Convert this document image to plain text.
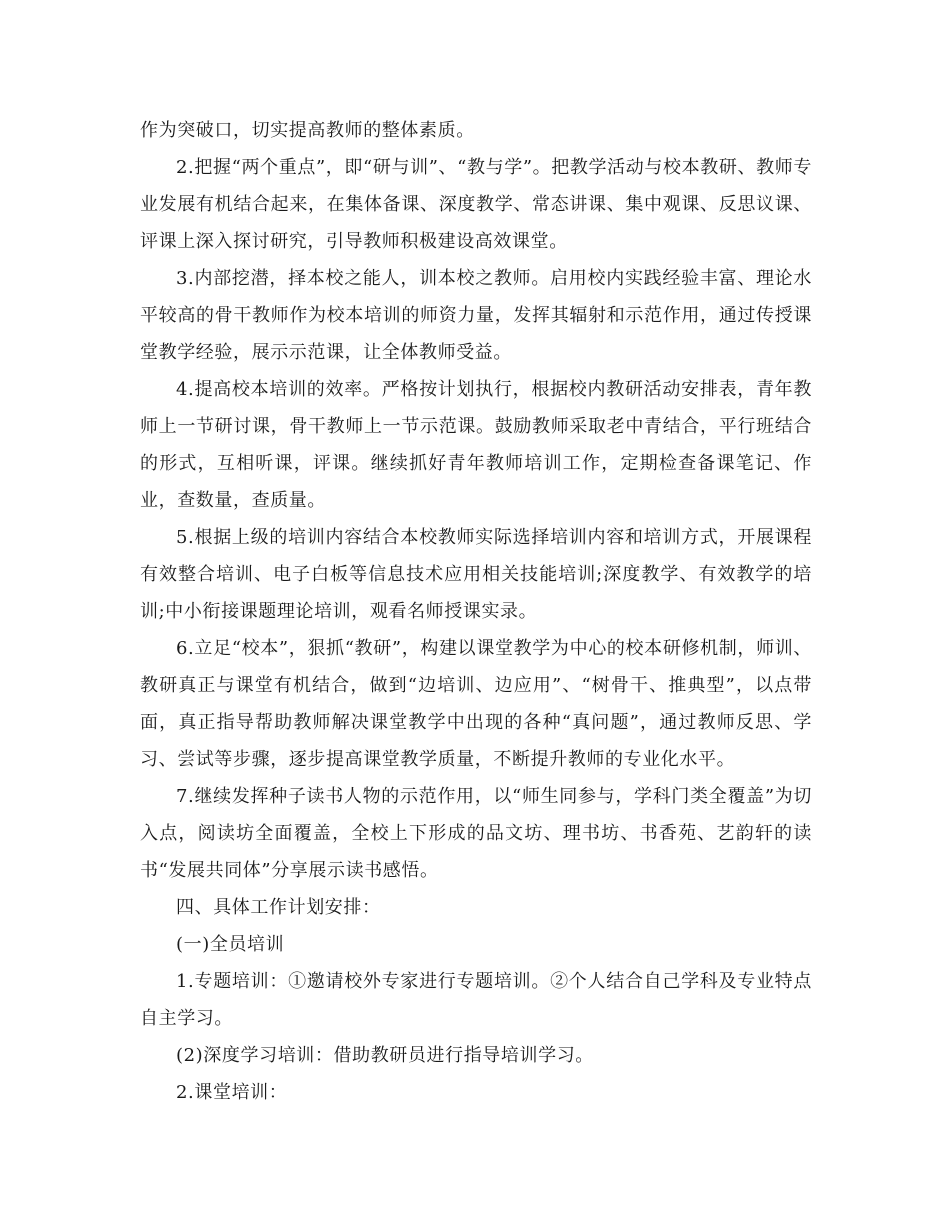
作为突破口，切实提高教师的整体素质。

2.把握“两个重点”，即“研与训”、“教与学”。把教学活动与校本教研、教师专业发展有机结合起来，在集体备课、深度教学、常态讲课、集中观课、反思议课、评课上深入探讨研究，引导教师积极建设高效课堂。

3.内部挖潜，择本校之能人，训本校之教师。启用校内实践经验丰富、理论水平较高的骨干教师作为校本培训的师资力量，发挥其辐射和示范作用，通过传授课堂教学经验，展示示范课，让全体教师受益。

4.提高校本培训的效率。严格按计划执行，根据校内教研活动安排表，青年教师上一节研讨课，骨干教师上一节示范课。鼓励教师采取老中青结合，平行班结合的形式，互相听课，评课。继续抓好青年教师培训工作，定期检查备课笔记、作业，查数量，查质量。

5.根据上级的培训内容结合本校教师实际选择培训内容和培训方式，开展课程有效整合培训、电子白板等信息技术应用相关技能培训;深度教学、有效教学的培训;中小衔接课题理论培训，观看名师授课实录。

6.立足“校本”，狠抓“教研”，构建以课堂教学为中心的校本研修机制，师训、教研真正与课堂有机结合，做到“边培训、边应用”、“树骨干、推典型”，以点带面，真正指导帮助教师解决课堂教学中出现的各种“真问题”，通过教师反思、学习、尝试等步骤，逐步提高课堂教学质量，不断提升教师的专业化水平。

7.继续发挥种子读书人物的示范作用，以“师生同参与，学科门类全覆盖”为切入点，阅读坊全面覆盖，全校上下形成的品文坊、理书坊、书香苑、艺韵轩的读书“发展共同体”分享展示读书感悟。

四、具体工作计划安排：

(一)全员培训

1.专题培训：①邀请校外专家进行专题培训。②个人结合自己学科及专业特点自主学习。

(2)深度学习培训：借助教研员进行指导培训学习。

2.课堂培训：
